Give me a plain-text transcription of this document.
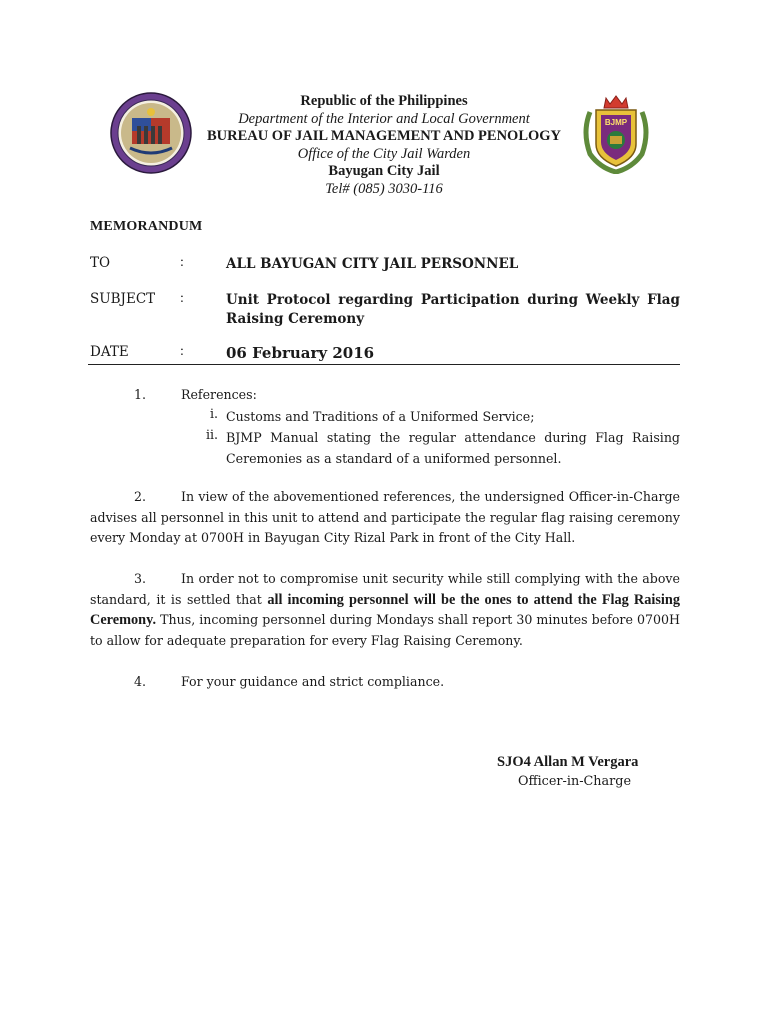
Republic of the Philippines
Department of the Interior and Local Government
BUREAU OF JAIL MANAGEMENT AND PENOLOGY
Office of the City Jail Warden
Bayugan City Jail
Tel# (085) 3030-116
BJMP
MEMORANDUM
TO	:	ALL BAYUGAN CITY JAIL PERSONNEL
SUBJECT :	Unit Protocol regarding Participation during Weekly Flag Raising Ceremony
DATE	:	06 February 2016
1.	References:
i. Customs and Traditions of a Uniformed Service;
ii. BJMP Manual stating the regular attendance during Flag Raising Ceremonies as a standard of a uniformed personnel.
2.	In view of the abovementioned references, the undersigned Officer-in-Charge advises all personnel in this unit to attend and participate the regular flag raising ceremony every Monday at 0700H in Bayugan City Rizal Park in front of the City Hall.
3.	In order not to compromise unit security while still complying with the above standard, it is settled that all incoming personnel will be the ones to attend the Flag Raising Ceremony. Thus, incoming personnel during Mondays shall report 30 minutes before 0700H to allow for adequate preparation for every Flag Raising Ceremony.
4.	For your guidance and strict compliance.
SJO4 Allan M Vergara
Officer-in-Charge
